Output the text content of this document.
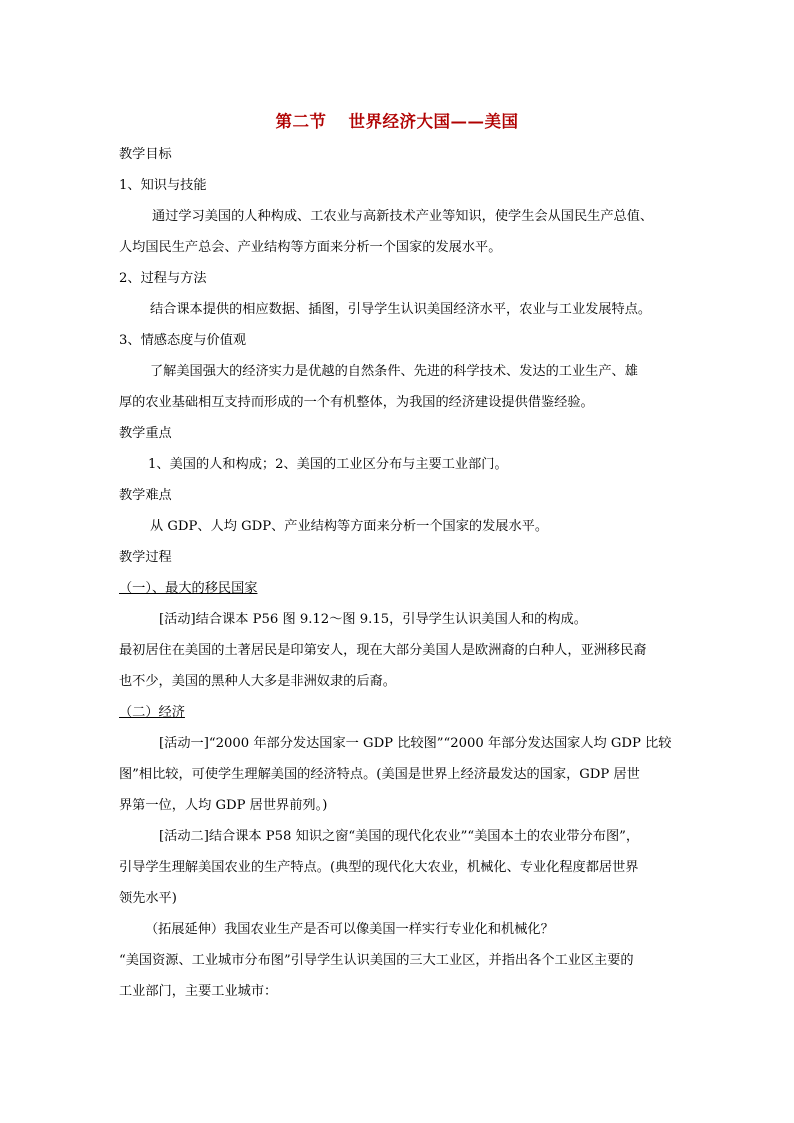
第二节 世界经济大国——美国
教学目标
1、知识与技能
通过学习美国的人种构成、工农业与高新技术产业等知识，使学生会从国民生产总值、
人均国民生产总会、产业结构等方面来分析一个国家的发展水平。
2、过程与方法
结合课本提供的相应数据、插图，引导学生认识美国经济水平，农业与工业发展特点。
3、情感态度与价值观
了解美国强大的经济实力是优越的自然条件、先进的科学技术、发达的工业生产、雄
厚的农业基础相互支持而形成的一个有机整体，为我国的经济建设提供借鉴经验。
教学重点
1、美国的人和构成；2、美国的工业区分布与主要工业部门。
教学难点
从 GDP、人均 GDP、产业结构等方面来分析一个国家的发展水平。
教学过程
（一）、最大的移民国家
[活动]结合课本 P56 图 9.12～图 9.15，引导学生认识美国人和的构成。
最初居住在美国的土著居民是印第安人，现在大部分美国人是欧洲裔的白种人，亚洲移民裔
也不少，美国的黑种人大多是非洲奴隶的后裔。
（二）经济
[活动一]“2000 年部分发达国家一 GDP 比较图”“2000 年部分发达国家人均 GDP 比较
图”相比较，可使学生理解美国的经济特点。(美国是世界上经济最发达的国家，GDP 居世
界第一位，人均 GDP 居世界前列。)
[活动二]结合课本 P58 知识之窗“美国的现代化农业”“美国本土的农业带分布图”，
引导学生理解美国农业的生产特点。(典型的现代化大农业，机械化、专业化程度都居世界
领先水平)
（拓展延伸）我国农业生产是否可以像美国一样实行专业化和机械化？
“美国资源、工业城市分布图”引导学生认识美国的三大工业区，并指出各个工业区主要的
工业部门，主要工业城市：
